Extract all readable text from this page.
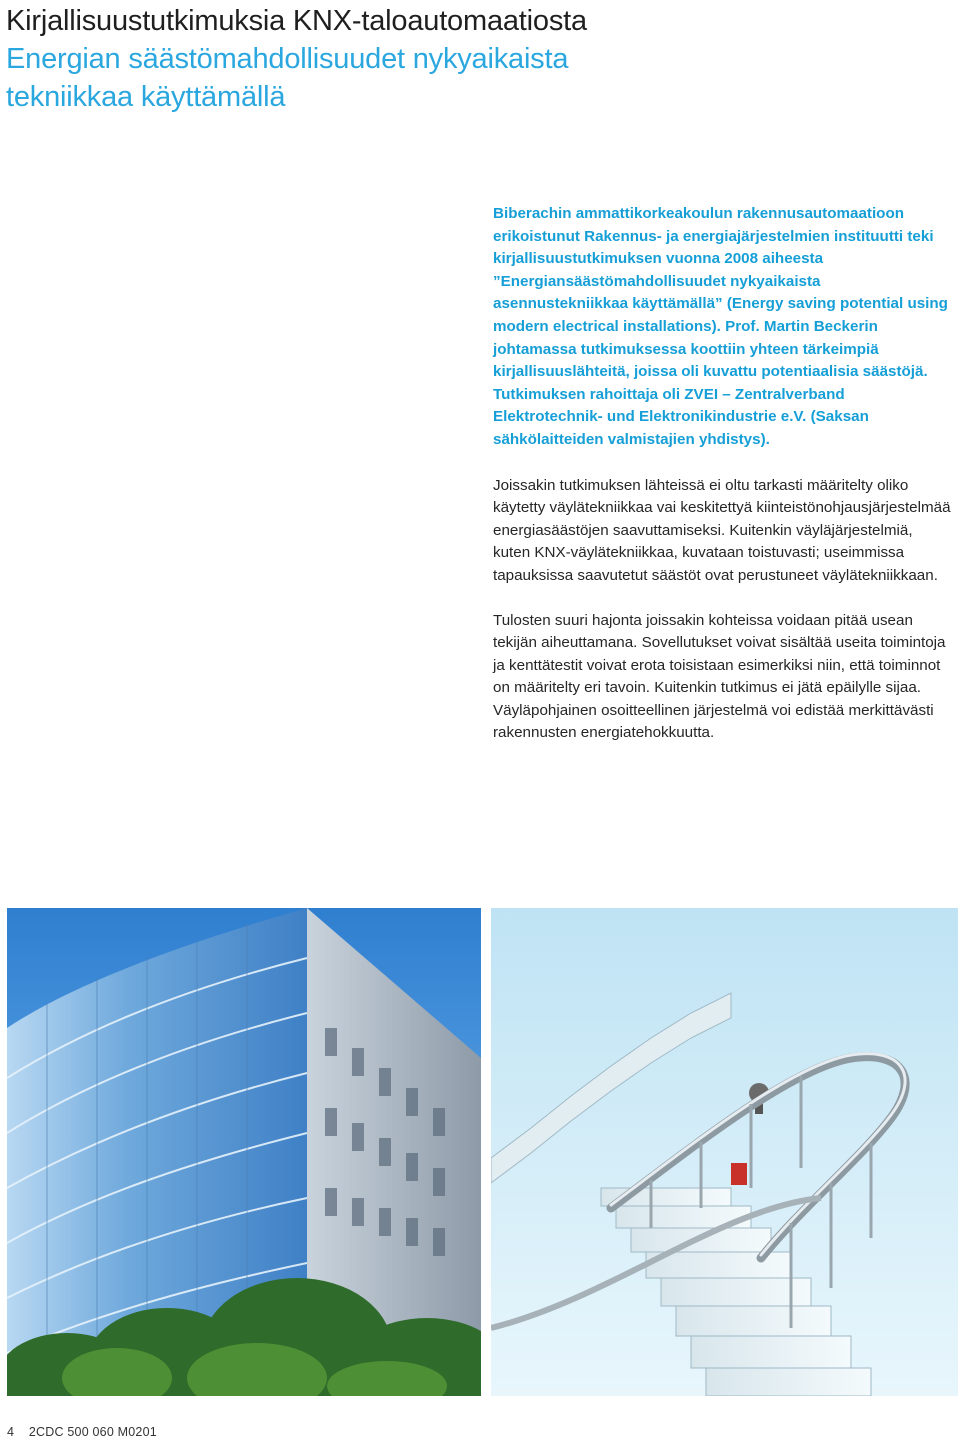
Kirjallisuustutkimuksia KNX-taloautomaatiosta
Energian säästömahdollisuudet nykyaikaista
tekniikkaa käyttämällä

Biberachin ammattikorkeakoulun rakennusautomaatioon erikoistunut Rakennus- ja energiajärjestelmien instituutti teki kirjallisuustutkimuksen vuonna 2008 aiheesta ”Energiansäästömahdollisuudet nykyaikaista asennustekniikkaa käyttämällä” (Energy saving potential using modern electrical installations). Prof. Martin Beckerin johtamassa tutkimuksessa koottiin yhteen tärkeimpiä kirjallisuuslähteitä, joissa oli kuvattu potentiaalisia säästöjä. Tutkimuksen rahoittaja oli ZVEI – Zentralverband Elektrotechnik- und Elektronikindustrie e.V. (Saksan sähkölaitteiden valmistajien yhdistys).

Joissakin tutkimuksen lähteissä ei oltu tarkasti määritelty oliko käytetty väylätekniikkaa vai keskitettyä kiinteistönohjausjärjestelmää energiasäästöjen saavuttamiseksi. Kuitenkin väyläjärjestelmiä, kuten KNX-väylätekniikkaa, kuvataan toistuvasti; useimmissa tapauksissa saavutetut säästöt ovat perustuneet väylätekniikkaan.

Tulosten suuri hajonta joissakin kohteissa voidaan pitää usean tekijän aiheuttamana. Sovellutukset voivat sisältää useita toimintoja ja kenttätestit voivat erota toisistaan esimerkiksi niin, että toiminnot on määritelty eri tavoin. Kuitenkin tutkimus ei jätä epäilylle sijaa. Väyläpohjainen osoitteellinen järjestelmä voi edistää merkittävästi rakennusten energiatehokkuutta.

4 2CDC 500 060 M0201
